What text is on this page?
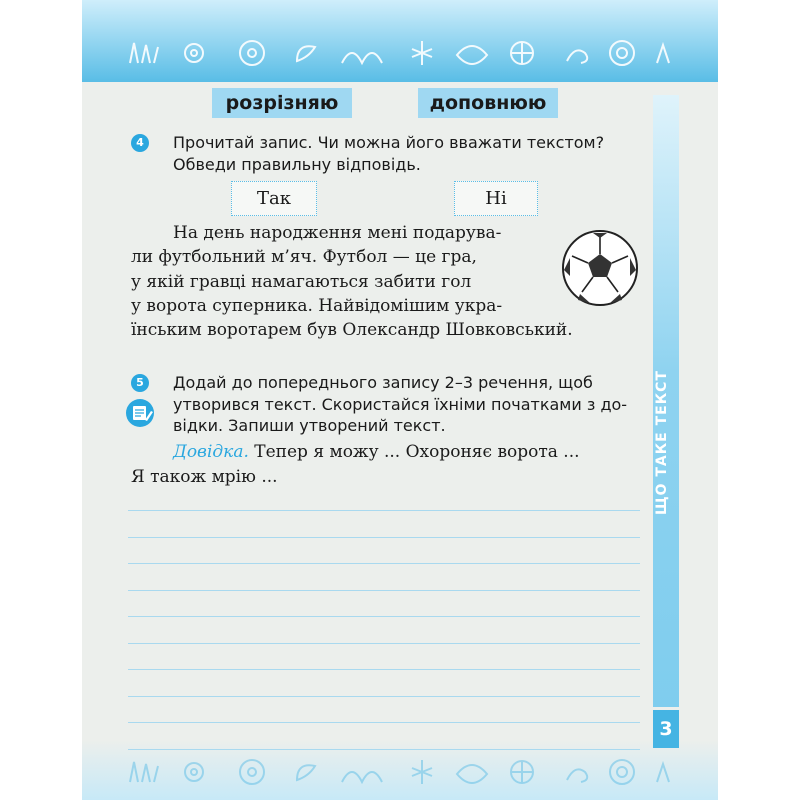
ЩО ТАКЕ ТЕКСТ
3
розрізняю	доповнюю
4	Прочитай запис. Чи можна його вважати текстом?
Обведи правильну відповідь.
Так	Ні
На день народження мені подарува-
ли футбольний м’яч. Футбол — це гра,
у якій гравці намагаються забити гол
у ворота суперника. Найвідомішим укра-
їнським воротарем був Олександр Шовковський.
5	Додай до попереднього запису 2–3 речення, щоб
утворився текст. Скористайся їхніми початками з до-
відки. Запиши утворений текст.
Довідка. Тепер я можу ... Охороняє ворота ...
Я також мрію ...
